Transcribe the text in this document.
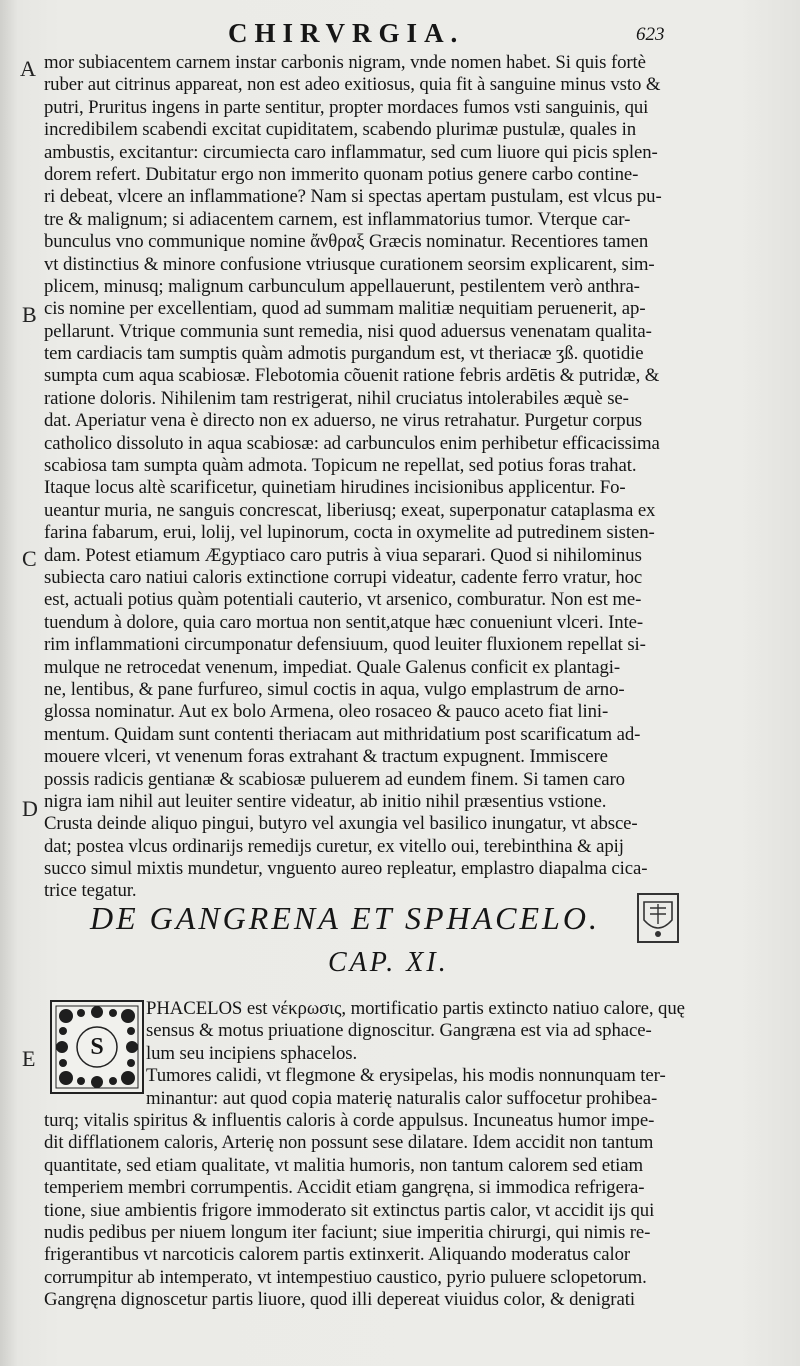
CHIRVRGIA.	623
A
B
C
D
E
mor subiacentem carnem instar carbonis nigram, vnde nomen habet. Si quis fortè
ruber aut citrinus appareat, non est adeo exitiosus, quia fit à sanguine minus vsto &
putri, Pruritus ingens in parte sentitur, propter mordaces fumos vsti sanguinis, qui
incredibilem scabendi excitat cupiditatem, scabendo plurimæ pustulæ, quales in
ambustis, excitantur: circumiecta caro inflammatur, sed cum liuore qui picis splen-
dorem refert. Dubitatur ergo non immerito quonam potius genere carbo contine-
ri debeat, vlcere an inflammatione? Nam si spectas apertam pustulam, est vlcus pu-
tre & malignum; si adiacentem carnem, est inflammatorius tumor. Vterque car-
bunculus vno communique nomine ἄνθραξ Græcis nominatur. Recentiores tamen
vt distinctius & minore confusione vtriusque curationem seorsim explicarent, sim-
plicem, minusq; malignum carbunculum appellauerunt, pestilentem verò anthra-
cis nomine per excellentiam, quod ad summam malitiæ nequitiam peruenerit, ap-
pellarunt. Vtrique communia sunt remedia, nisi quod aduersus venenatam qualita-
tem cardiacis tam sumptis quàm admotis purgandum est, vt theriacæ ʒß. quotidie
sumpta cum aqua scabiosæ. Flebotomia cõuenit ratione febris ardētis & putridæ, &
ratione doloris. Nihilenim tam restrigerat, nihil cruciatus intolerabiles æquè se-
dat. Aperiatur vena è directo non ex aduerso, ne virus retrahatur. Purgetur corpus
catholico dissoluto in aqua scabiosæ: ad carbunculos enim perhibetur efficacissima
scabiosa tam sumpta quàm admota. Topicum ne repellat, sed potius foras trahat.
Itaque locus altè scarificetur, quinetiam hirudines incisionibus applicentur. Fo-
ueantur muria, ne sanguis concrescat, liberiusq; exeat, superponatur cataplasma ex
farina fabarum, erui, lolij, vel lupinorum, cocta in oxymelite ad putredinem sisten-
dam. Potest etiamum Ægyptiaco caro putris à viua separari. Quod si nihilominus
subiecta caro natiui caloris extinctione corrupi videatur, cadente ferro vratur, hoc
est, actuali potius quàm potentiali cauterio, vt arsenico, comburatur. Non est me-
tuendum à dolore, quia caro mortua non sentit,atque hæc conueniunt vlceri. Inte-
rim inflammationi circumponatur defensiuum, quod leuiter fluxionem repellat si-
mulque ne retrocedat venenum, impediat. Quale Galenus conficit ex plantagi-
ne, lentibus, & pane furfureo, simul coctis in aqua, vulgo emplastrum de arno-
glossa nominatur. Aut ex bolo Armena, oleo rosaceo & pauco aceto fiat lini-
mentum. Quidam sunt contenti theriacam aut mithridatium post scarificatum ad-
mouere vlceri, vt venenum foras extrahant & tractum expugnent. Immiscere
possis radicis gentianæ & scabiosæ puluerem ad eundem finem. Si tamen caro
nigra iam nihil aut leuiter sentire videatur, ab initio nihil præsentius vstione.
Crusta deinde aliquo pingui, butyro vel axungia vel basilico inungatur, vt absce-
dat; postea vlcus ordinarijs remedijs curetur, ex vitello oui, terebinthina & apij
succo simul mixtis mundetur, vnguento aureo repleatur, emplastro diapalma cica-
trice tegatur.
DE GANGRENA ET SPHACELO.
CAP. XI.
S
PHACELOS est νέκρωσις, mortificatio partis extincto natiuo calore, quę
sensus & motus priuatione dignoscitur. Gangræna est via ad sphace-
lum seu incipiens sphacelos.
Tumores calidi, vt flegmone & erysipelas, his modis nonnunquam ter-
minantur: aut quod copia materię naturalis calor suffocetur prohibea-
turq; vitalis spiritus & influentis caloris à corde appulsus. Incuneatus humor impe-
dit difflationem caloris, Arterię non possunt sese dilatare. Idem accidit non tantum
quantitate, sed etiam qualitate, vt malitia humoris, non tantum calorem sed etiam
temperiem membri corrumpentis. Accidit etiam gangręna, si immodica refrigera-
tione, siue ambientis frigore immoderato sit extinctus partis calor, vt accidit ijs qui
nudis pedibus per niuem longum iter faciunt; siue imperitia chirurgi, qui nimis re-
frigerantibus vt narcoticis calorem partis extinxerit. Aliquando moderatus calor
corrumpitur ab intemperato, vt intempestiuo caustico, pyrio puluere sclopetorum.
Gangręna dignoscetur partis liuore, quod illi depereat viuidus color, & denigrati
